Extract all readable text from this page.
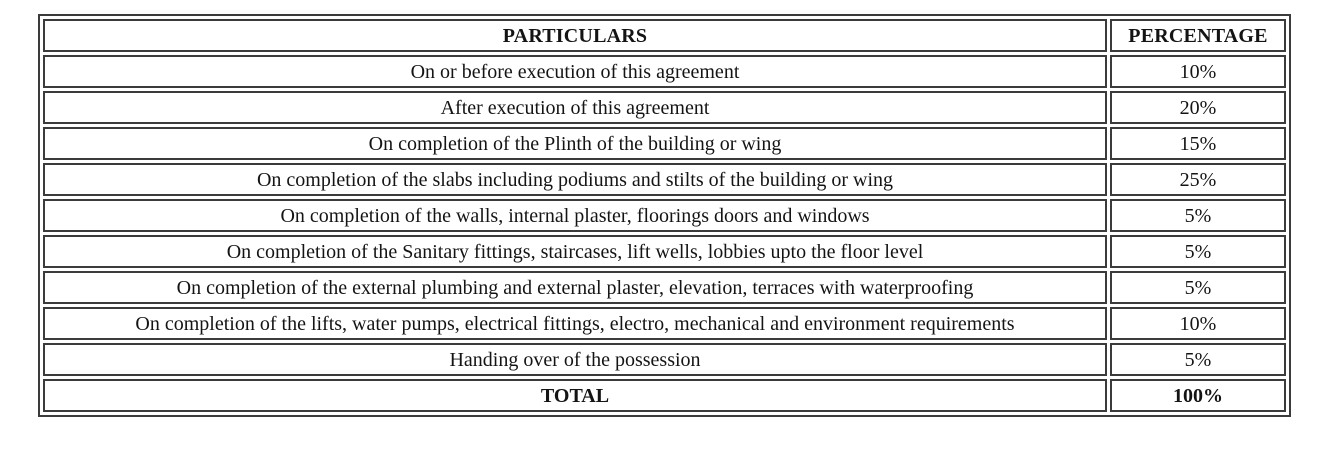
PARTICULARS	PERCENTAGE
On or before execution of this agreement	10%
After execution of this agreement	20%
On completion of the Plinth of the building or wing	15%
On completion of the slabs including podiums and stilts of the building or wing	25%
On completion of the walls, internal plaster, floorings doors and windows	5%
On completion of the Sanitary fittings, staircases, lift wells, lobbies upto the floor level	5%
On completion of the external plumbing and external plaster, elevation, terraces with waterproofing	5%
On completion of the lifts, water pumps, electrical fittings, electro, mechanical and environment requirements	10%
Handing over of the possession	5%
TOTAL	100%
